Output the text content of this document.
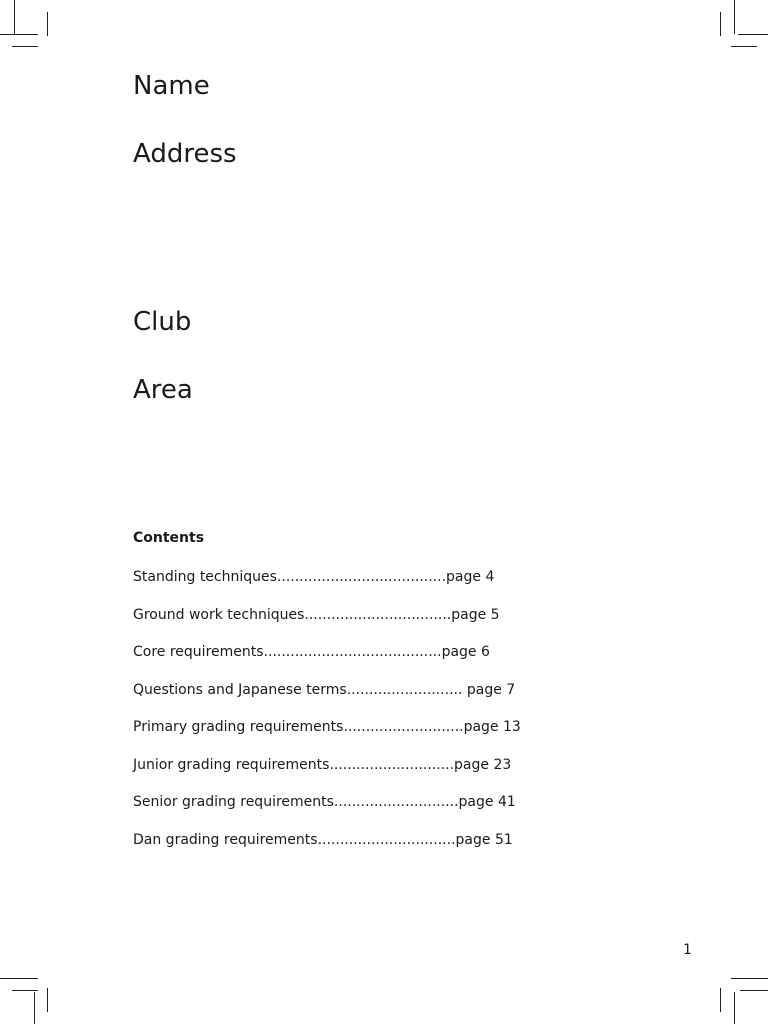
Name
Address
Club
Area
Contents
Standing techniques......................................page 4
Ground work techniques.................................page 5
Core requirements........................................page 6
Questions and Japanese terms.......................... page 7
Primary grading requirements...........................page 13
Junior grading requirements............................page 23
Senior grading requirements............................page 41
Dan grading requirements...............................page 51
1
